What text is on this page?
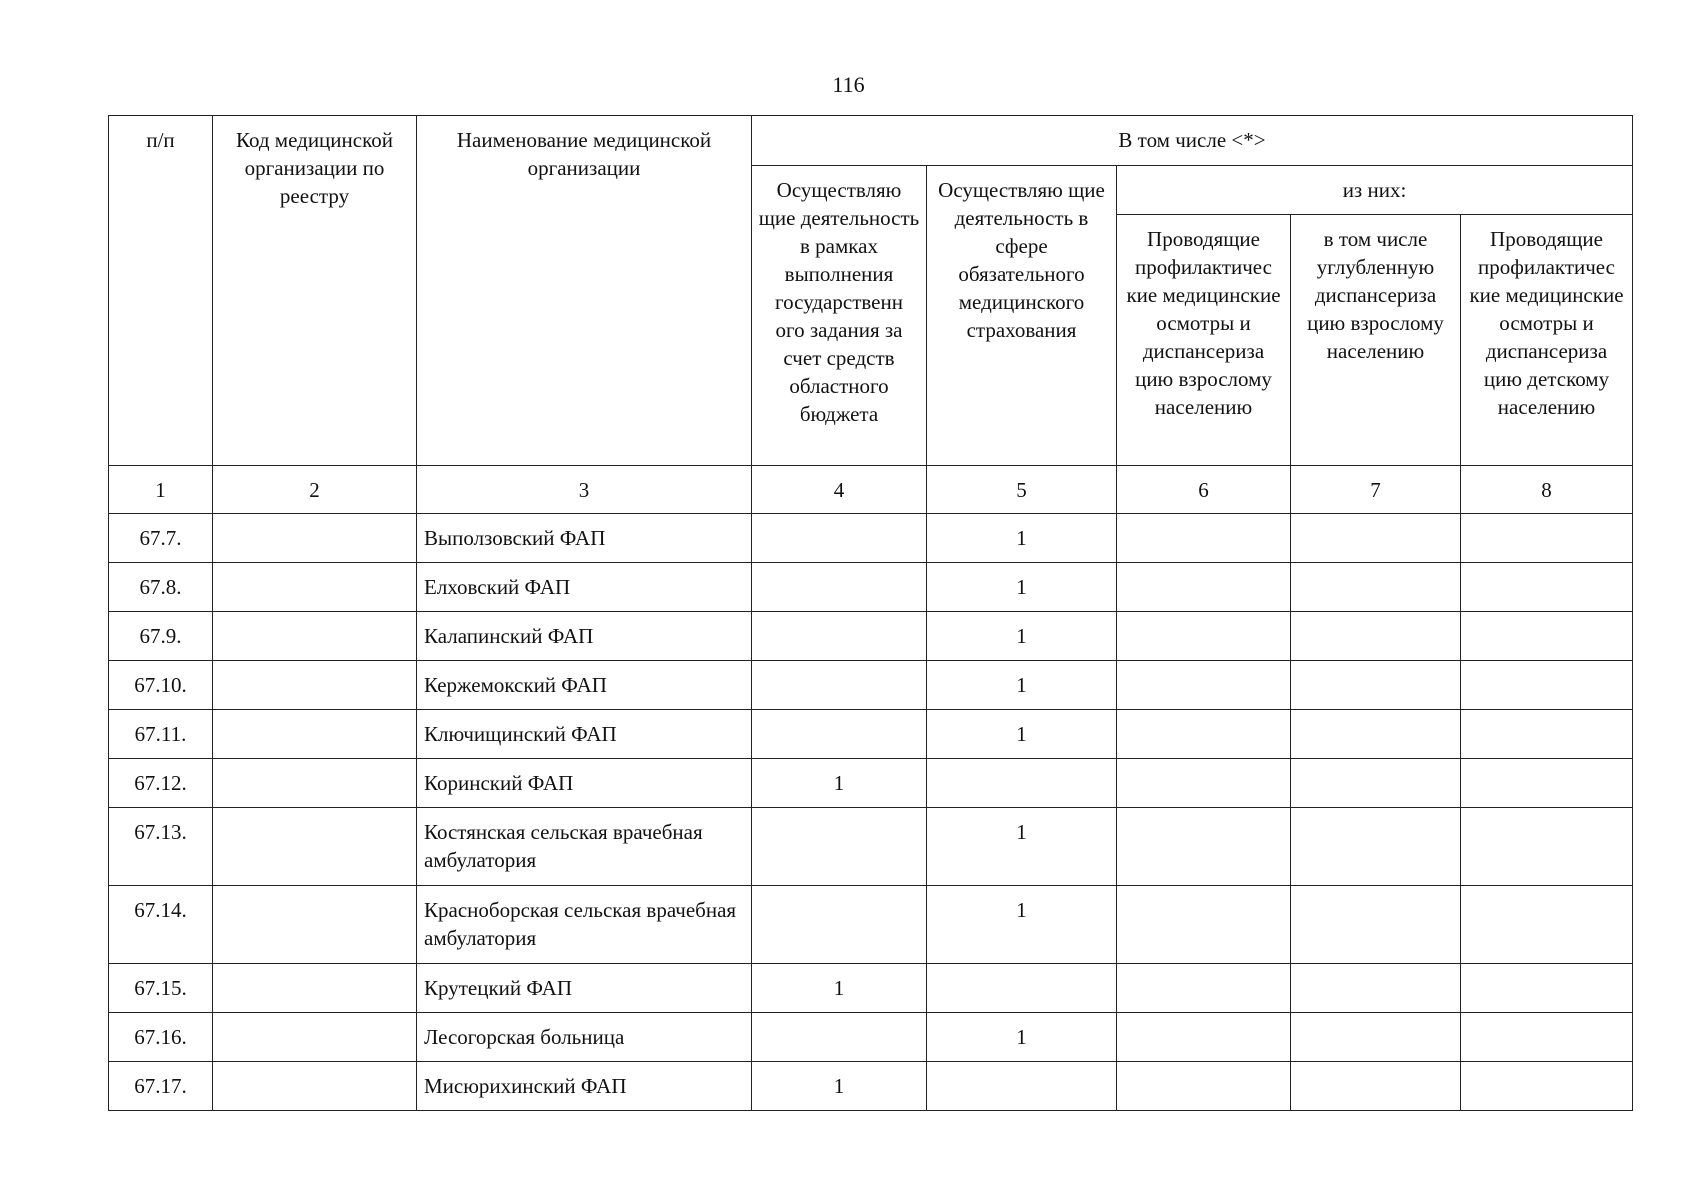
116
п/п	Код медицинской организации по реестру	Наименование медицинской организации	В том числе <*>				
			Осуществляю щие деятельность в рамках выполнения государственн ого задания за счет средств областного бюджета	Осуществляю щие деятельность в сфере обязательного медицинского страхования	из них:		
					Проводящие профилактичес кие медицинские осмотры и диспансериза цию взрослому населению	в том числе углубленную диспансериза цию взрослому населению	Проводящие профилактичес кие медицинские осмотры и диспансериза цию детскому населению
1	2	3	4	5	6	7	8
67.7.		Выползовский ФАП		1			
67.8.		Елховский ФАП		1			
67.9.		Калапинский ФАП		1			
67.10.		Кержемокский ФАП		1			
67.11.		Ключищинский ФАП		1			
67.12.		Коринский ФАП	1				
67.13.		Костянская сельская врачебная амбулатория		1			
67.14.		Красноборская сельская врачебная амбулатория		1			
67.15.		Крутецкий ФАП	1				
67.16.		Лесогорская больница		1			
67.17.		Мисюрихинский ФАП	1				
